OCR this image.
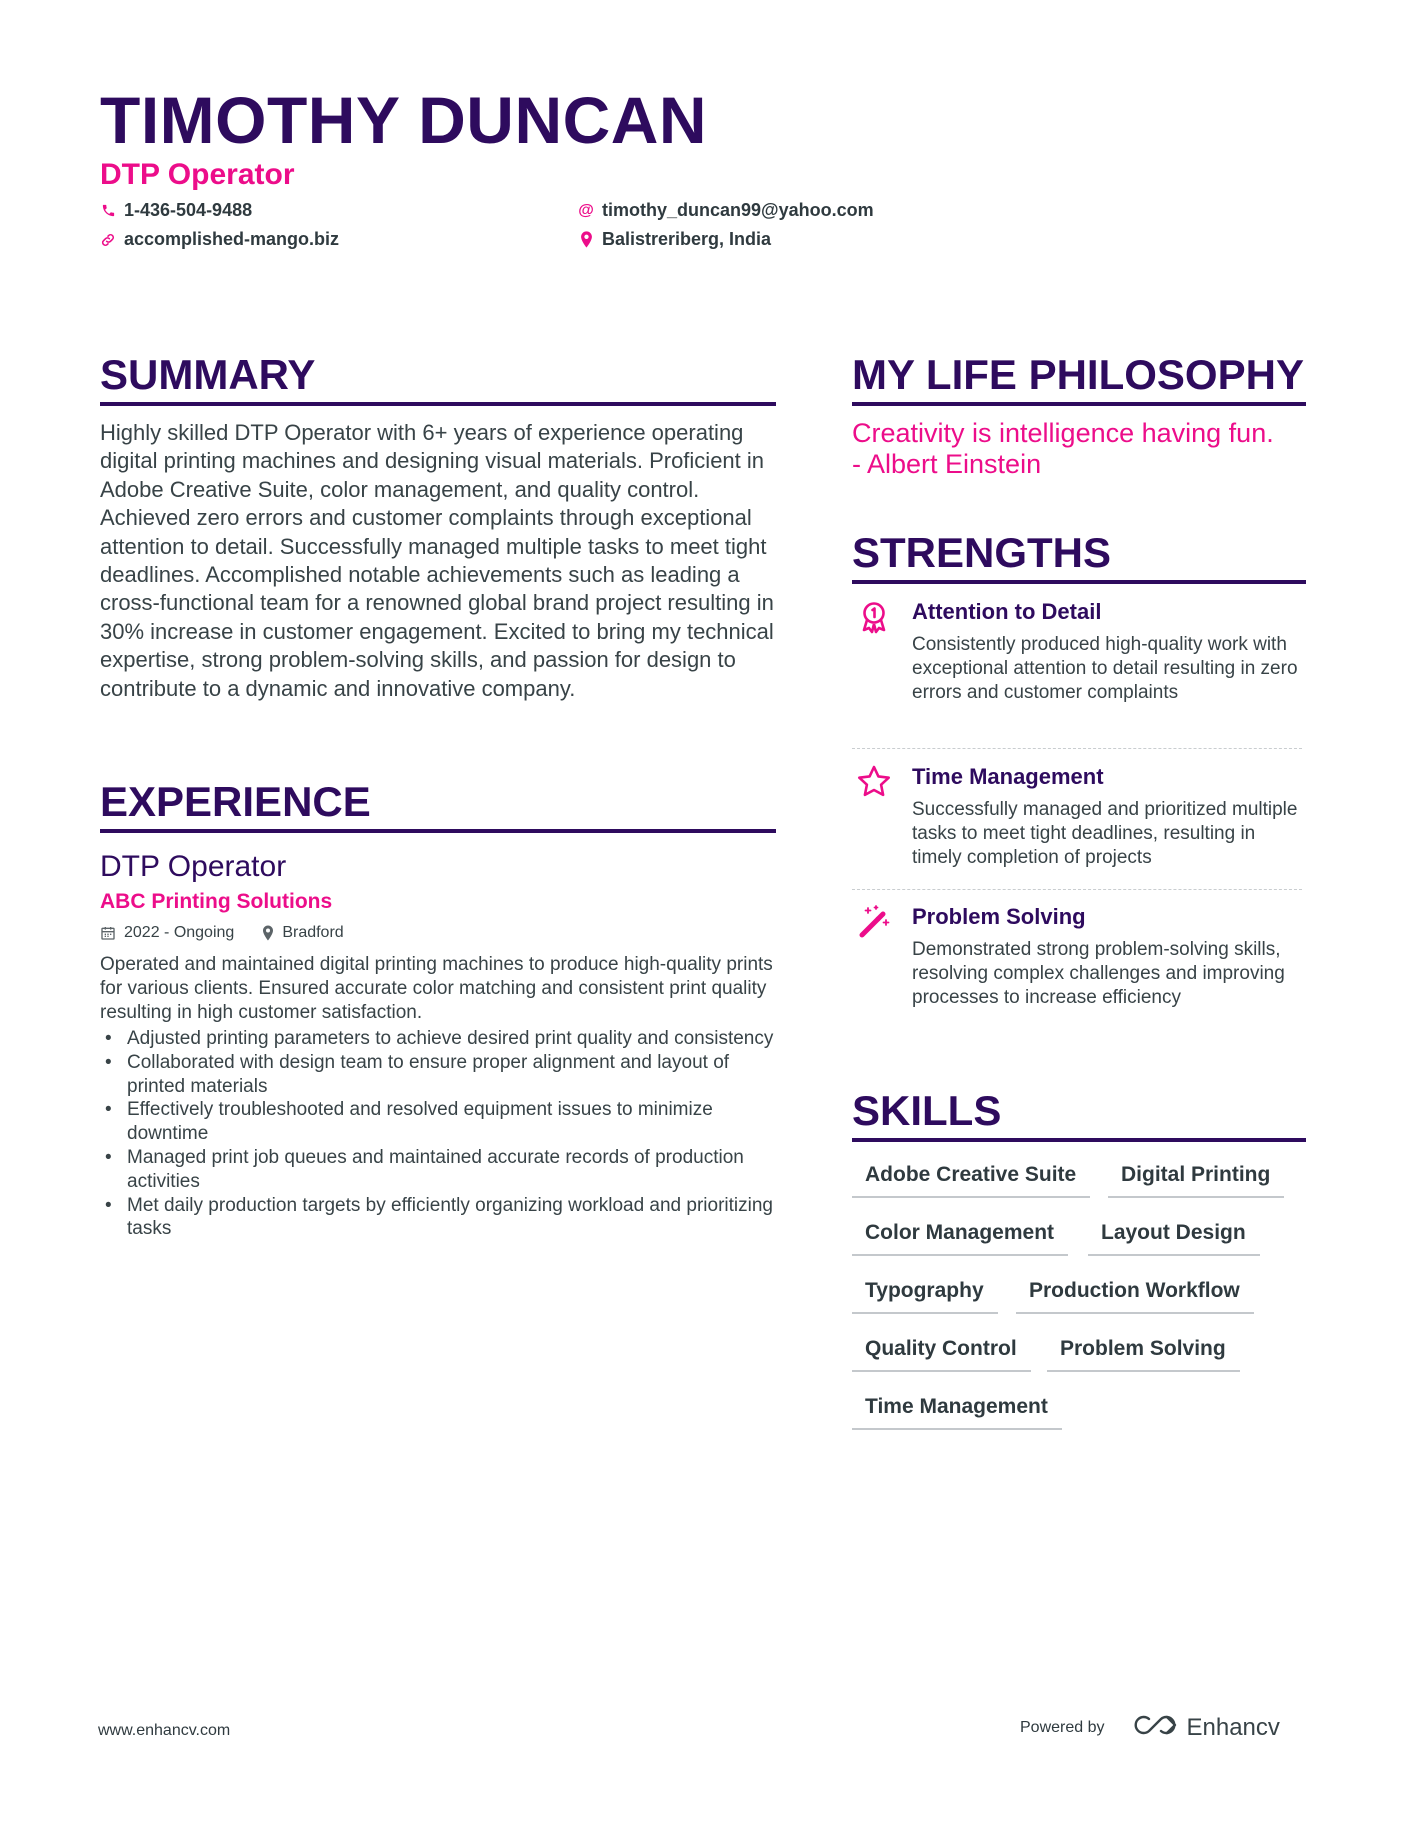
TIMOTHY DUNCAN
DTP Operator
1-436-504-9488	@ timothy_duncan99@yahoo.com
accomplished-mango.biz	Balistreriberg, India
SUMMARY
Highly skilled DTP Operator with 6+ years of experience operating digital printing machines and designing visual materials. Proficient in Adobe Creative Suite, color management, and quality control. Achieved zero errors and customer complaints through exceptional attention to detail. Successfully managed multiple tasks to meet tight deadlines. Accomplished notable achievements such as leading a cross-functional team for a renowned global brand project resulting in 30% increase in customer engagement. Excited to bring my technical expertise, strong problem-solving skills, and passion for design to contribute to a dynamic and innovative company.
EXPERIENCE
DTP Operator
ABC Printing Solutions
2022 - Ongoing	Bradford
Operated and maintained digital printing machines to produce high-quality prints for various clients. Ensured accurate color matching and consistent print quality resulting in high customer satisfaction.
• Adjusted printing parameters to achieve desired print quality and consistency
• Collaborated with design team to ensure proper alignment and layout of printed materials
• Effectively troubleshooted and resolved equipment issues to minimize downtime
• Managed print job queues and maintained accurate records of production activities
• Met daily production targets by efficiently organizing workload and prioritizing tasks
MY LIFE PHILOSOPHY
Creativity is intelligence having fun.
- Albert Einstein
STRENGTHS
Attention to Detail
Consistently produced high-quality work with exceptional attention to detail resulting in zero errors and customer complaints
Time Management
Successfully managed and prioritized multiple tasks to meet tight deadlines, resulting in timely completion of projects
Problem Solving
Demonstrated strong problem-solving skills, resolving complex challenges and improving processes to increase efficiency
SKILLS
Adobe Creative Suite	Digital Printing
Color Management	Layout Design
Typography	Production Workflow
Quality Control	Problem Solving
Time Management
www.enhancv.com	Powered by	Enhancv
